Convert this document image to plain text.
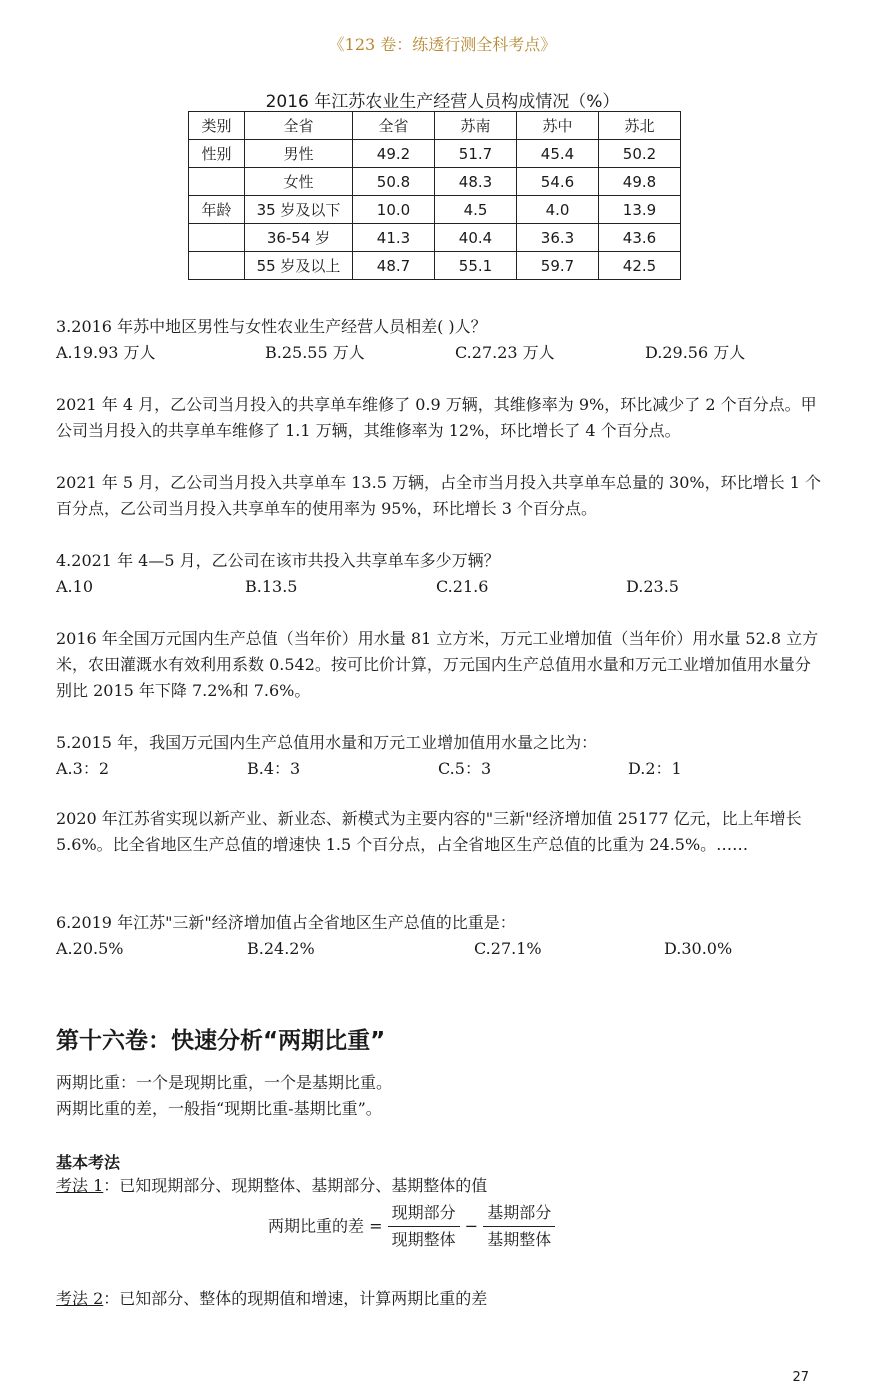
《123 卷：练透行测全科考点》
2016 年江苏农业生产经营人员构成情况（%）
类别	全省	全省	苏南	苏中	苏北
性别	男性	49.2	51.7	45.4	50.2
	女性	50.8	48.3	54.6	49.8
年龄	35 岁及以下	10.0	4.5	4.0	13.9
	36-54 岁	41.3	40.4	36.3	43.6
	55 岁及以上	48.7	55.1	59.7	42.5
3.2016 年苏中地区男性与女性农业生产经营人员相差( )人？
A.19.93 万人	B.25.55 万人	C.27.23 万人	D.29.56 万人
2021 年 4 月，乙公司当月投入的共享单车维修了 0.9 万辆，其维修率为 9%，环比减少了 2 个百分点。甲公司当月投入的共享单车维修了 1.1 万辆，其维修率为 12%，环比增长了 4 个百分点。
2021 年 5 月，乙公司当月投入共享单车 13.5 万辆，占全市当月投入共享单车总量的 30%，环比增长 1 个百分点，乙公司当月投入共享单车的使用率为 95%，环比增长 3 个百分点。
4.2021 年 4—5 月，乙公司在该市共投入共享单车多少万辆？
A.10	B.13.5	C.21.6	D.23.5
2016 年全国万元国内生产总值（当年价）用水量 81 立方米，万元工业增加值（当年价）用水量 52.8 立方米，农田灌溉水有效利用系数 0.542。按可比价计算，万元国内生产总值用水量和万元工业增加值用水量分别比 2015 年下降 7.2%和 7.6%。
5.2015 年，我国万元国内生产总值用水量和万元工业增加值用水量之比为：
A.3：2	B.4：3	C.5：3	D.2：1
2020 年江苏省实现以新产业、新业态、新模式为主要内容的"三新"经济增加值 25177 亿元，比上年增长 5.6%。比全省地区生产总值的增速快 1.5 个百分点，占全省地区生产总值的比重为 24.5%。……
6.2019 年江苏"三新"经济增加值占全省地区生产总值的比重是：
A.20.5%	B.24.2%	C.27.1%	D.30.0%
第十六卷：快速分析“两期比重”
两期比重：一个是现期比重，一个是基期比重。
两期比重的差，一般指“现期比重-基期比重”。
基本考法
考法 1：已知现期部分、现期整体、基期部分、基期整体的值
两期比重的差 = $\frac{\text{现期部分}}{\text{现期整体}} - \frac{\text{基期部分}}{\text{基期整体}}$
考法 2：已知部分、整体的现期值和增速，计算两期比重的差
27
